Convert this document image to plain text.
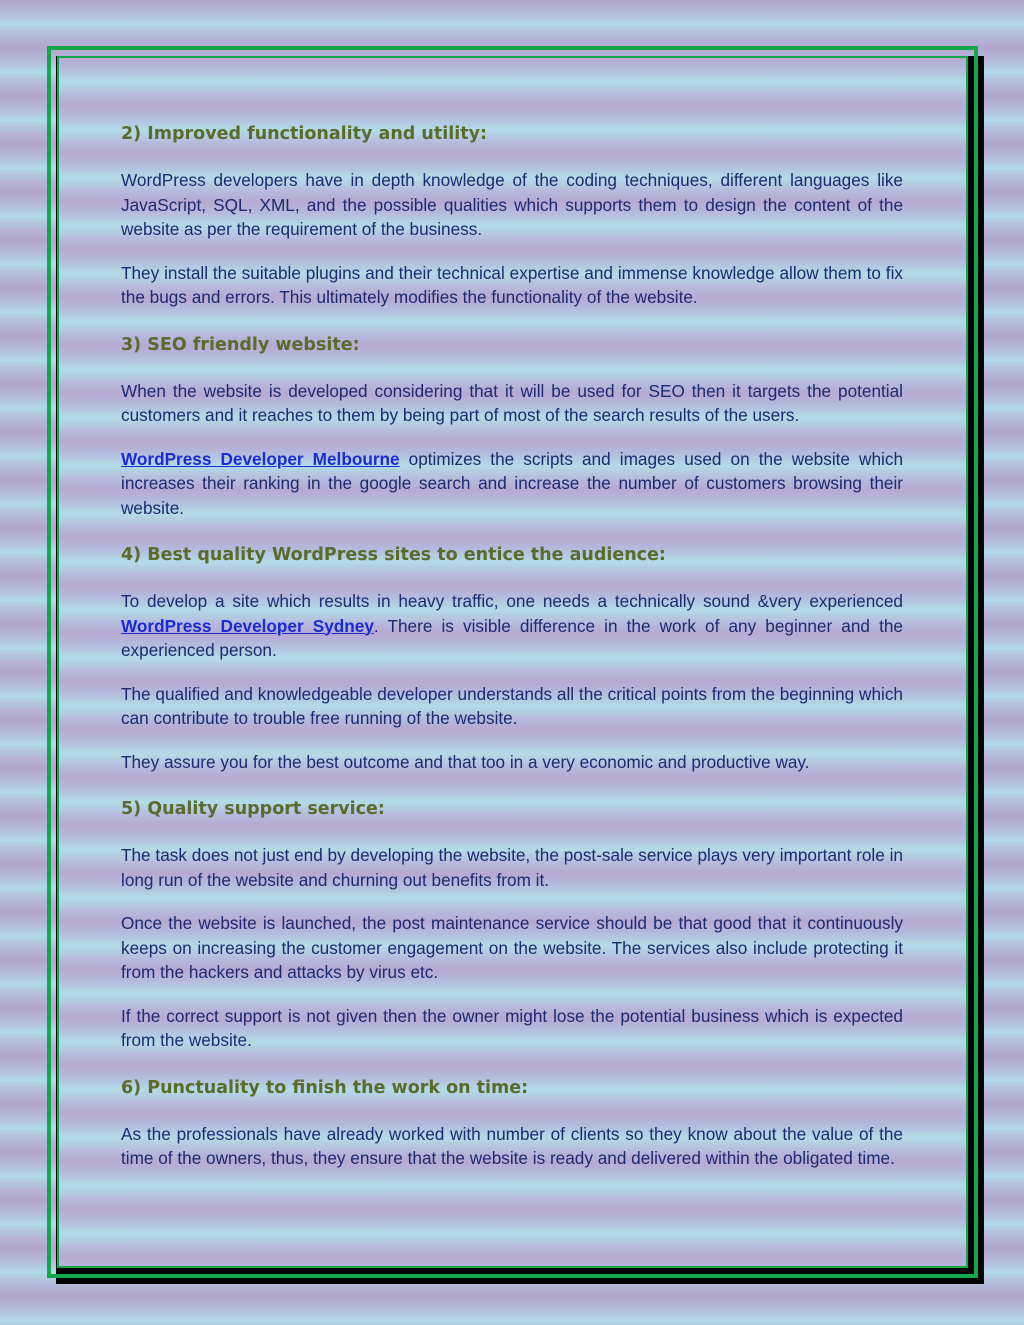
2) Improved functionality and utility:

WordPress developers have in depth knowledge of the coding techniques, different languages like JavaScript, SQL, XML, and the possible qualities which supports them to design the content of the website as per the requirement of the business.

They install the suitable plugins and their technical expertise and immense knowledge allow them to fix the bugs and errors. This ultimately modifies the functionality of the website.

3) SEO friendly website:

When the website is developed considering that it will be used for SEO then it targets the potential customers and it reaches to them by being part of most of the search results of the users.

WordPress Developer Melbourne optimizes the scripts and images used on the website which increases their ranking in the google search and increase the number of customers browsing their website.

4) Best quality WordPress sites to entice the audience:

To develop a site which results in heavy traffic, one needs a technically sound &very experienced WordPress Developer Sydney. There is visible difference in the work of any beginner and the experienced person.

The qualified and knowledgeable developer understands all the critical points from the beginning which can contribute to trouble free running of the website.

They assure you for the best outcome and that too in a very economic and productive way.

5) Quality support service:

The task does not just end by developing the website, the post-sale service plays very important role in long run of the website and churning out benefits from it.

Once the website is launched, the post maintenance service should be that good that it continuously keeps on increasing the customer engagement on the website. The services also include protecting it from the hackers and attacks by virus etc.

If the correct support is not given then the owner might lose the potential business which is expected from the website.

6) Punctuality to finish the work on time:

As the professionals have already worked with number of clients so they know about the value of the time of the owners, thus, they ensure that the website is ready and delivered within the obligated time.
